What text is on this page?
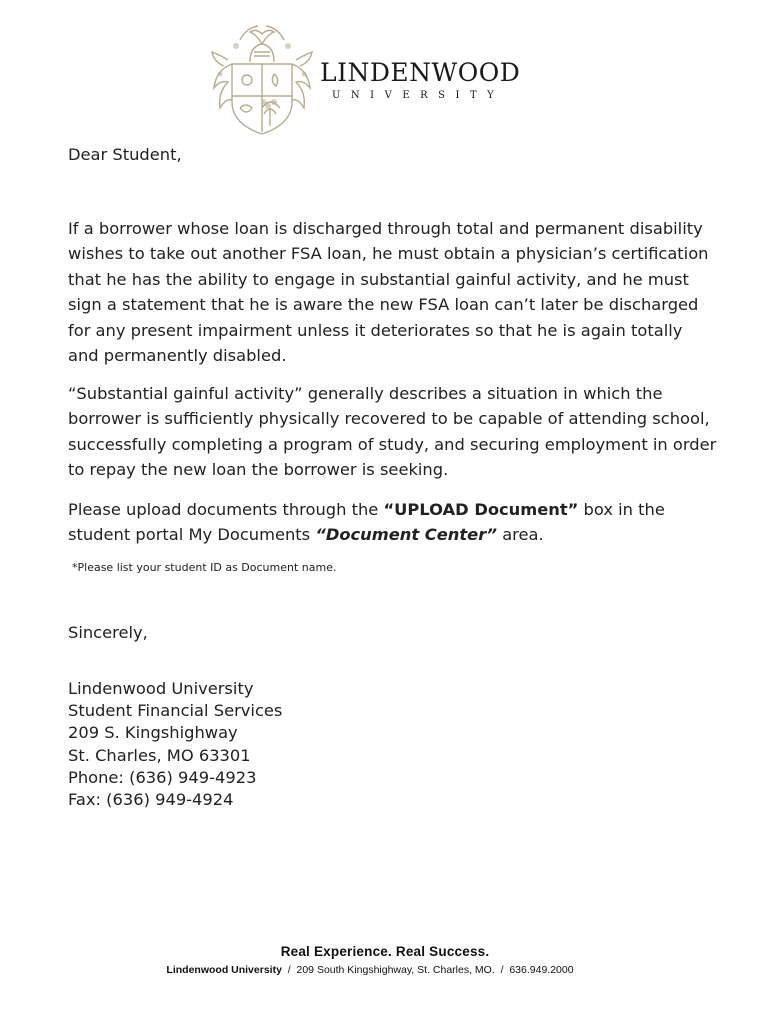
LINDENWOOD
UNIVERSITY

Dear Student,

If a borrower whose loan is discharged through total and permanent disability wishes to take out another FSA loan, he must obtain a physician’s certification that he has the ability to engage in substantial gainful activity, and he must sign a statement that he is aware the new FSA loan can’t later be discharged for any present impairment unless it deteriorates so that he is again totally and permanently disabled.

“Substantial gainful activity” generally describes a situation in which the borrower is sufficiently physically recovered to be capable of attending school, successfully completing a program of study, and securing employment in order to repay the new loan the borrower is seeking.

Please upload documents through the “UPLOAD Document” box in the student portal My Documents “Document Center” area.

*Please list your student ID as Document name.

Sincerely,

Lindenwood University
Student Financial Services
209 S. Kingshighway
St. Charles, MO 63301
Phone: (636) 949-4923
Fax: (636) 949-4924
Real Experience. Real Success.
Lindenwood University  /  209 South Kingshighway, St. Charles, MO.  /  636.949.2000
